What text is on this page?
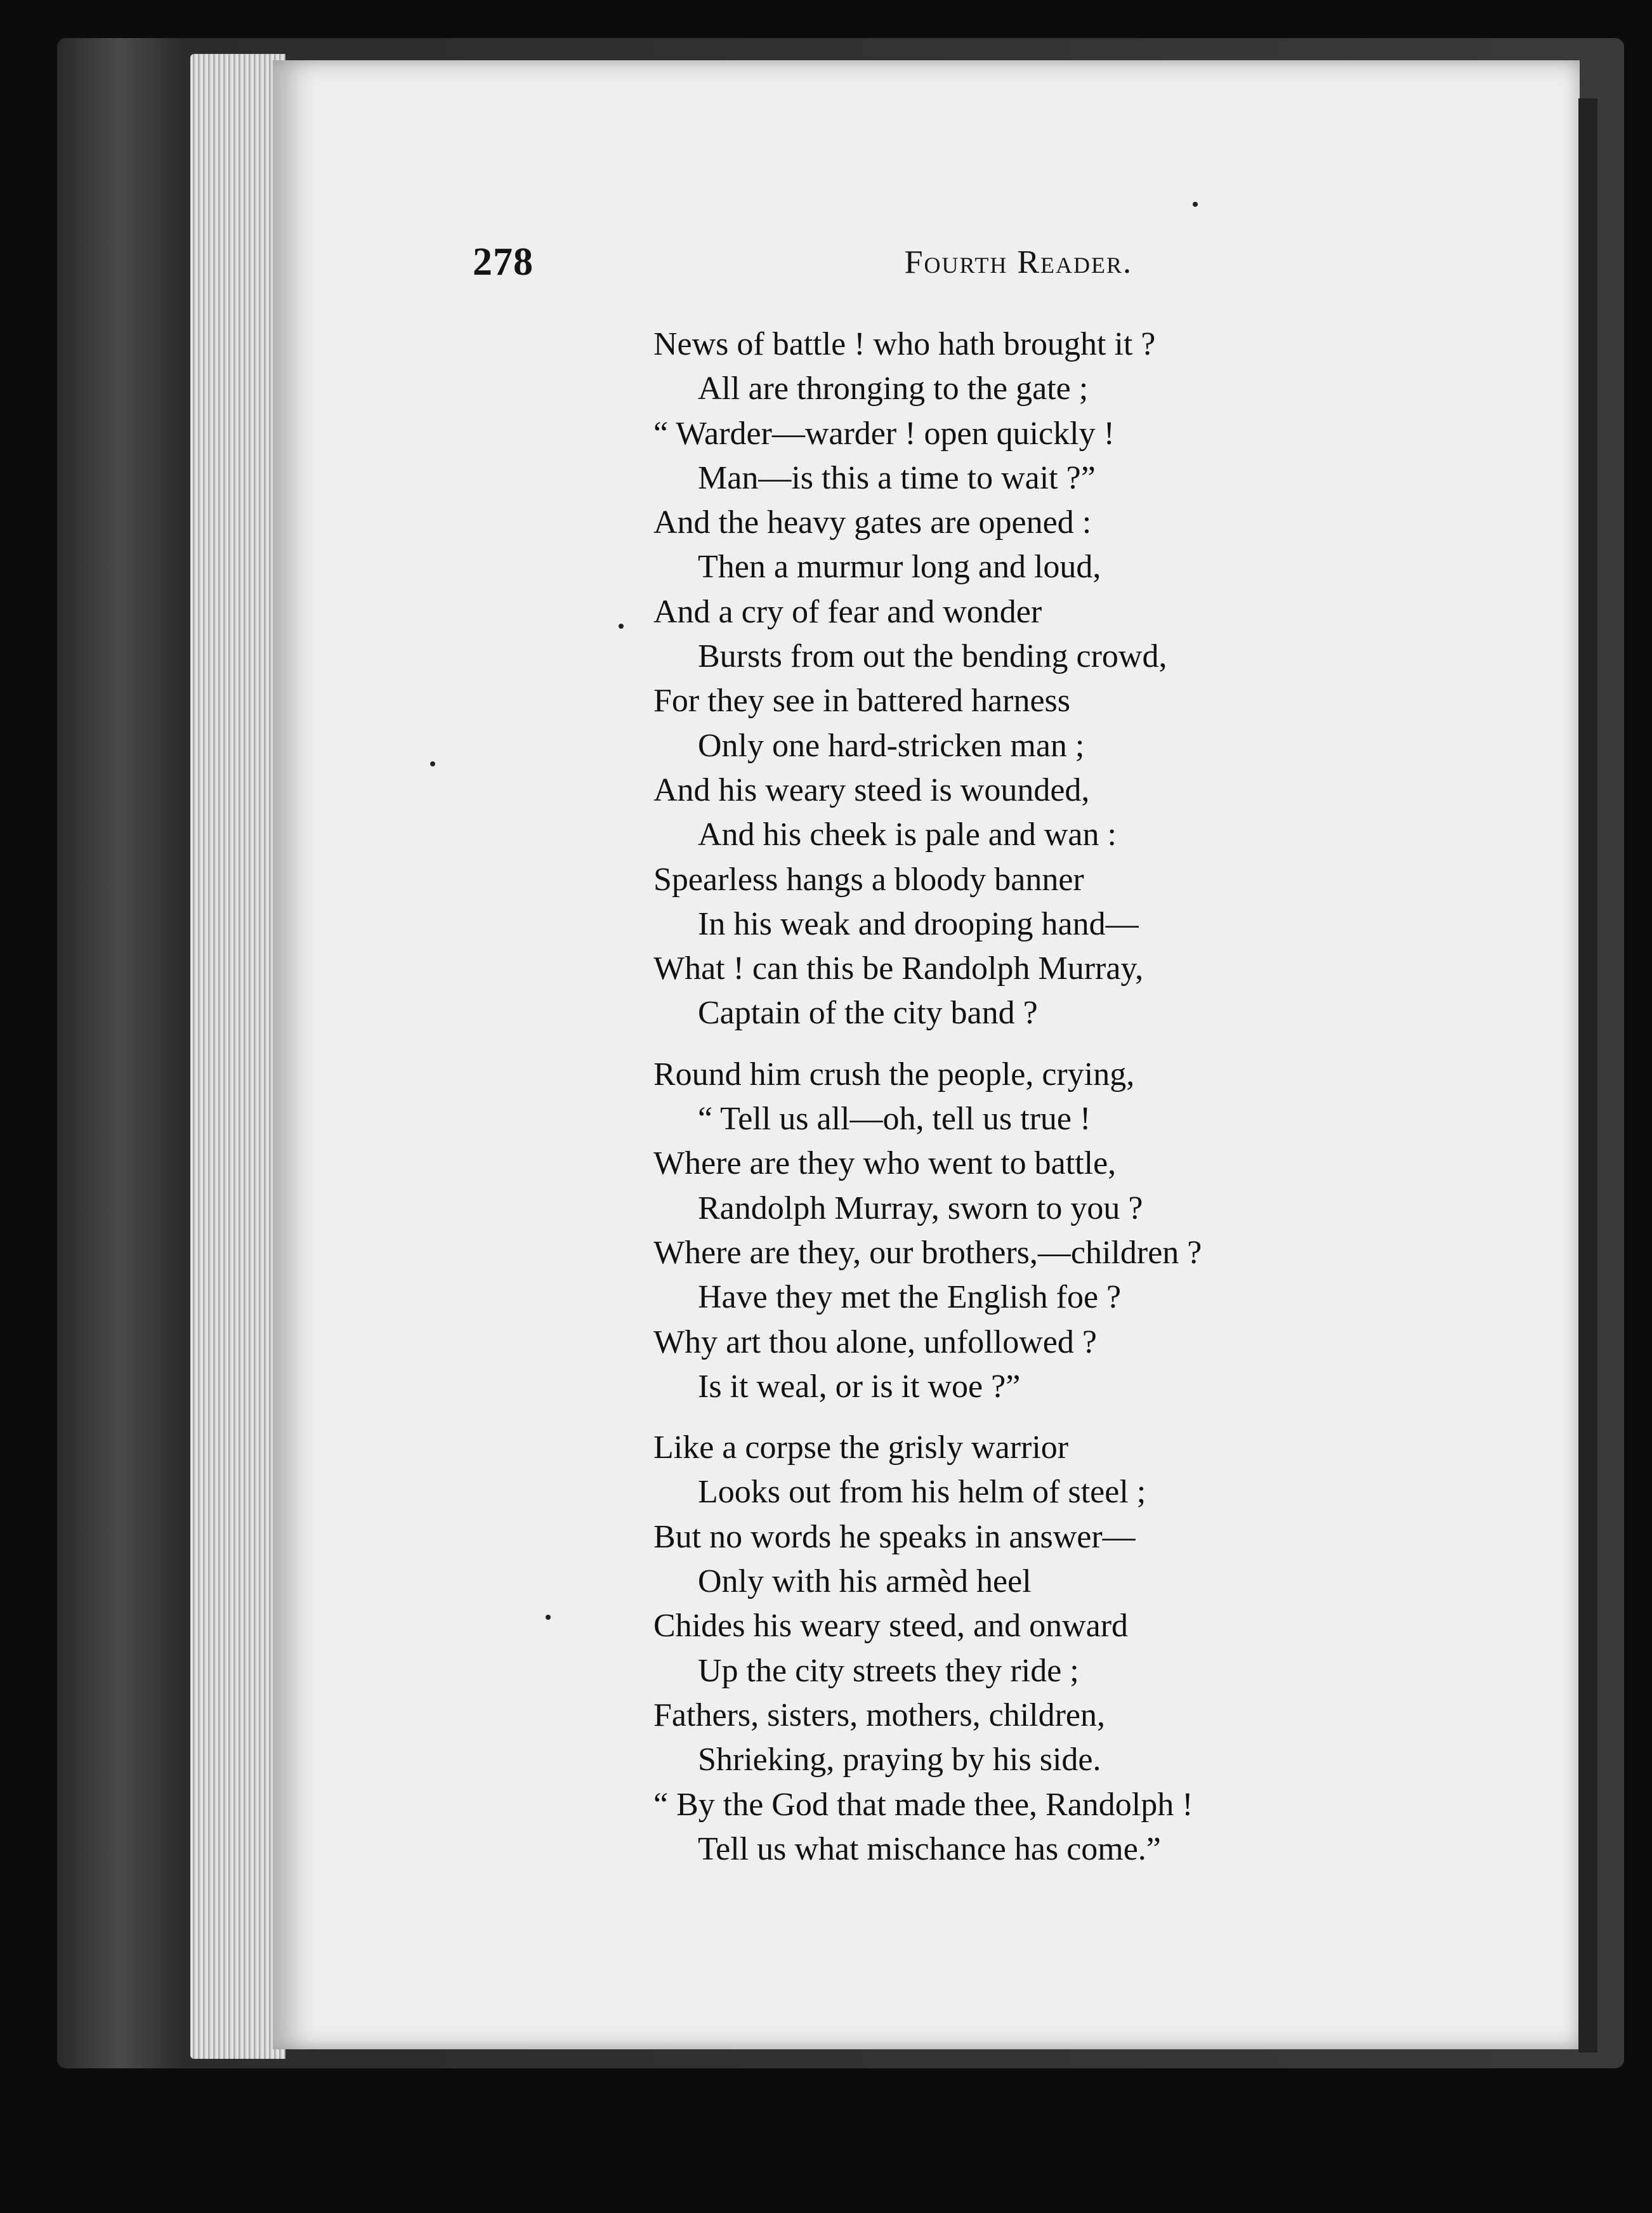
278	Fourth Reader.
News of battle ! who hath brought it ?
All are thronging to the gate ;
“ Warder—warder ! open quickly !
Man—is this a time to wait ?”
And the heavy gates are opened :
Then a murmur long and loud,
And a cry of fear and wonder
Bursts from out the bending crowd,
For they see in battered harness
Only one hard-stricken man ;
And his weary steed is wounded,
And his cheek is pale and wan :
Spearless hangs a bloody banner
In his weak and drooping hand—
What ! can this be Randolph Murray,
Captain of the city band ?
Round him crush the people, crying,
“ Tell us all—oh, tell us true !
Where are they who went to battle,
Randolph Murray, sworn to you ?
Where are they, our brothers,—children ?
Have they met the English foe ?
Why art thou alone, unfollowed ?
Is it weal, or is it woe ?”
Like a corpse the grisly warrior
Looks out from his helm of steel ;
But no words he speaks in answer—
Only with his armèd heel
Chides his weary steed, and onward
Up the city streets they ride ;
Fathers, sisters, mothers, children,
Shrieking, praying by his side.
“ By the God that made thee, Randolph !
Tell us what mischance has come.”
